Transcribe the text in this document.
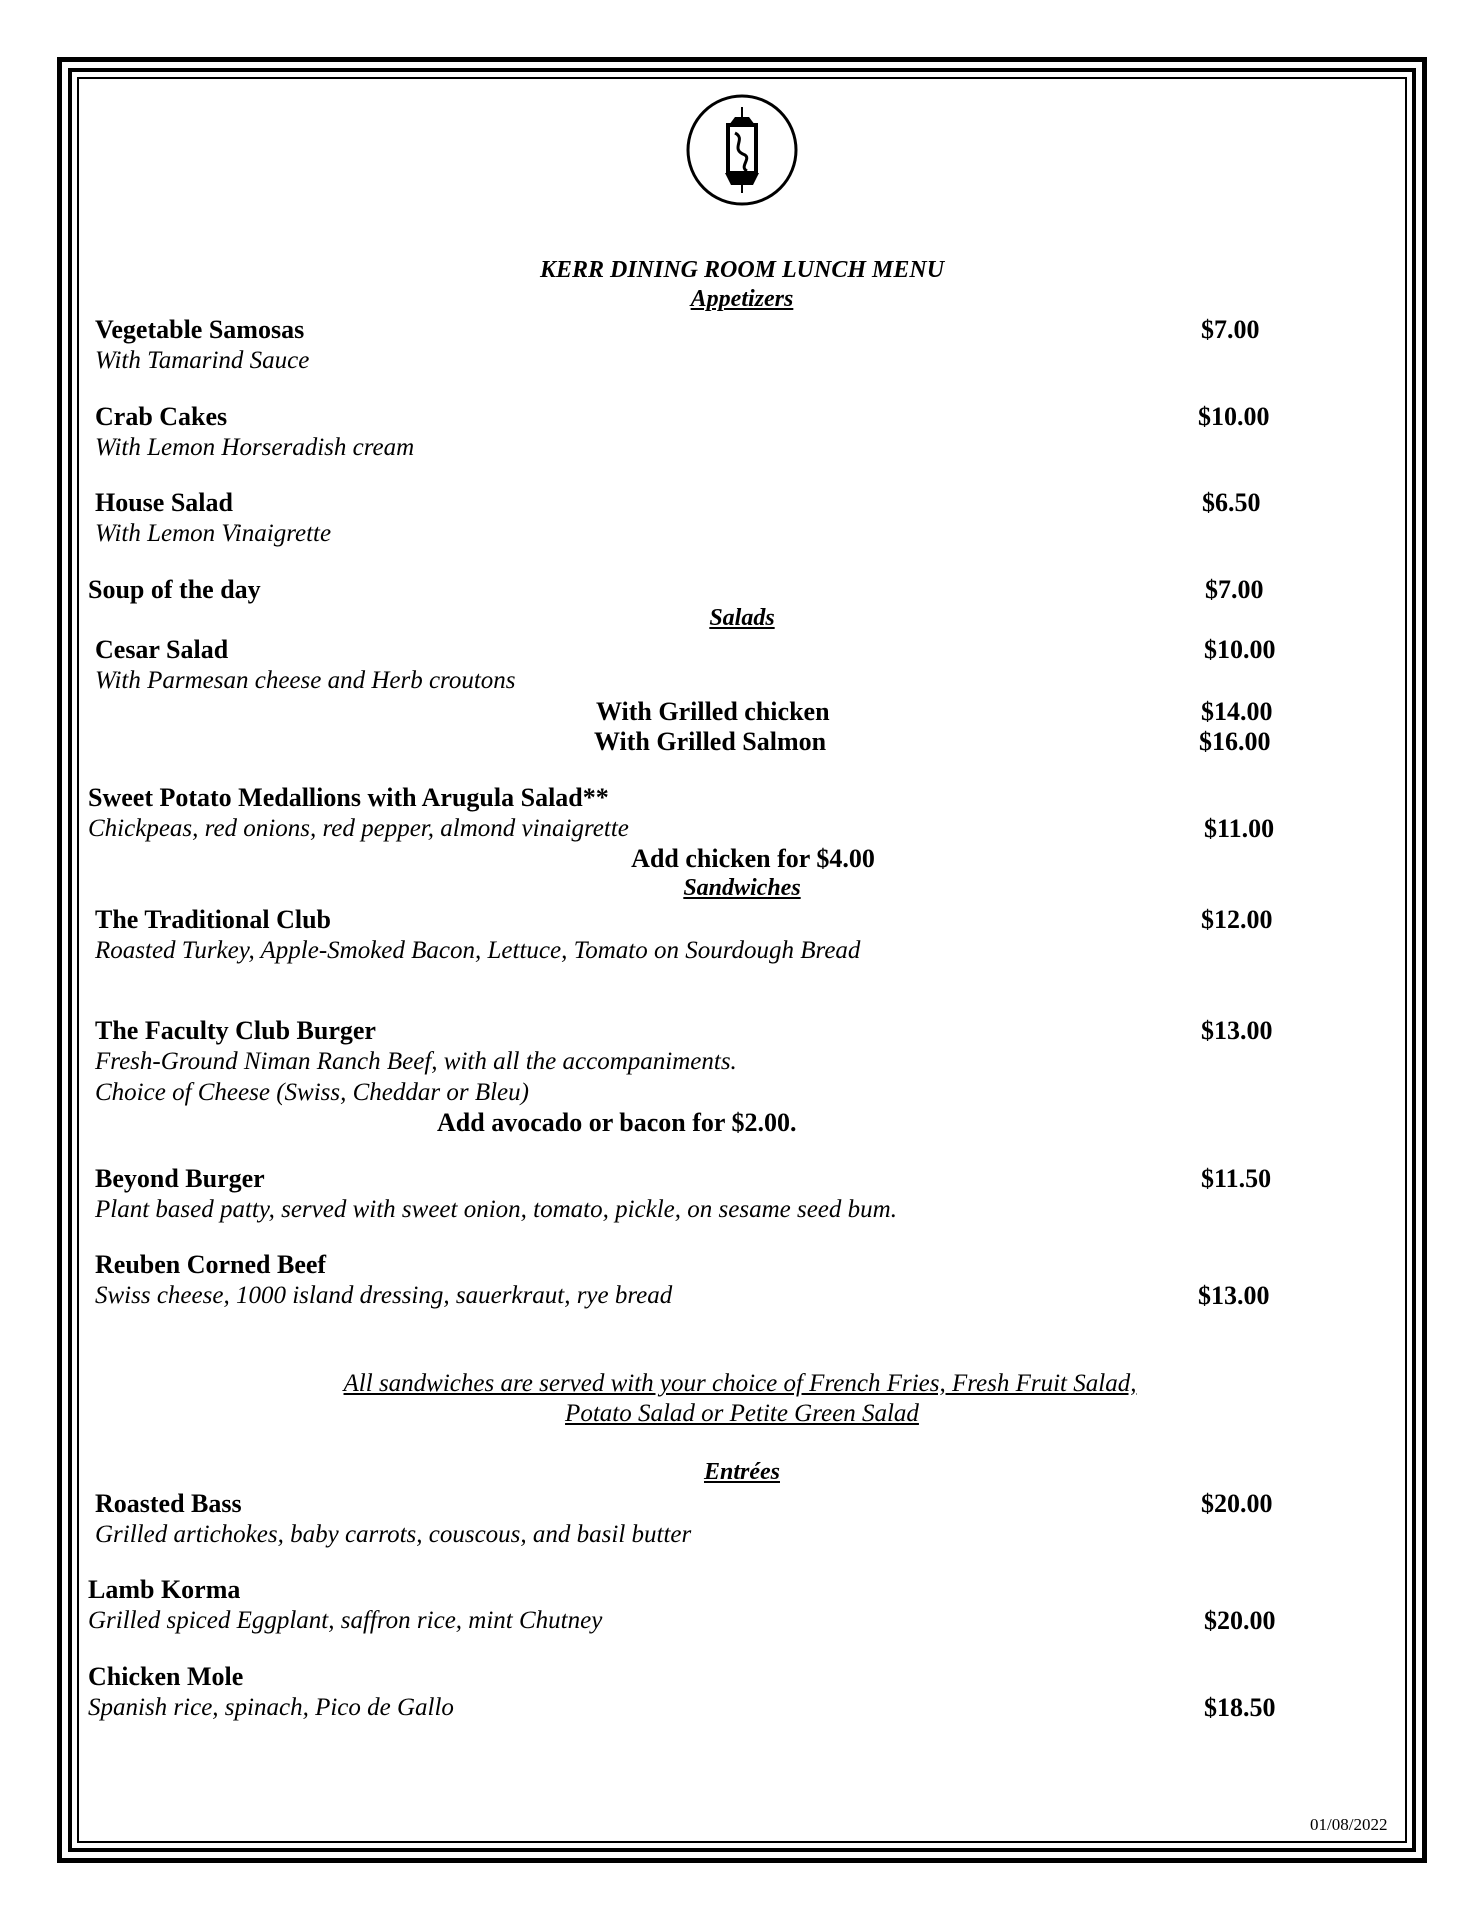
KERR DINING ROOM LUNCH MENU
Appetizers
Vegetable Samosas	$7.00
With Tamarind Sauce
Crab Cakes	$10.00
With Lemon Horseradish cream
House Salad	$6.50
With Lemon Vinaigrette
Soup of the day	$7.00
Salads
Cesar Salad	$10.00
With Parmesan cheese and Herb croutons
With Grilled chicken	$14.00
With Grilled Salmon	$16.00
Sweet Potato Medallions with Arugula Salad**
Chickpeas, red onions, red pepper, almond vinaigrette	$11.00
Add chicken for $4.00
Sandwiches
The Traditional Club	$12.00
Roasted Turkey, Apple-Smoked Bacon, Lettuce, Tomato on Sourdough Bread
The Faculty Club Burger	$13.00
Fresh-Ground Niman Ranch Beef, with all the accompaniments.
Choice of Cheese (Swiss, Cheddar or Bleu)
Add avocado or bacon for $2.00.
Beyond Burger	$11.50
Plant based patty, served with sweet onion, tomato, pickle, on sesame seed bum.
Reuben Corned Beef
Swiss cheese, 1000 island dressing, sauerkraut, rye bread	$13.00
All sandwiches are served with your choice of French Fries, Fresh Fruit Salad,
Potato Salad or Petite Green Salad
Entrées
Roasted Bass	$20.00
Grilled artichokes, baby carrots, couscous, and basil butter
Lamb Korma
Grilled spiced Eggplant, saffron rice, mint Chutney	$20.00
Chicken Mole
Spanish rice, spinach, Pico de Gallo	$18.50
01/08/2022
